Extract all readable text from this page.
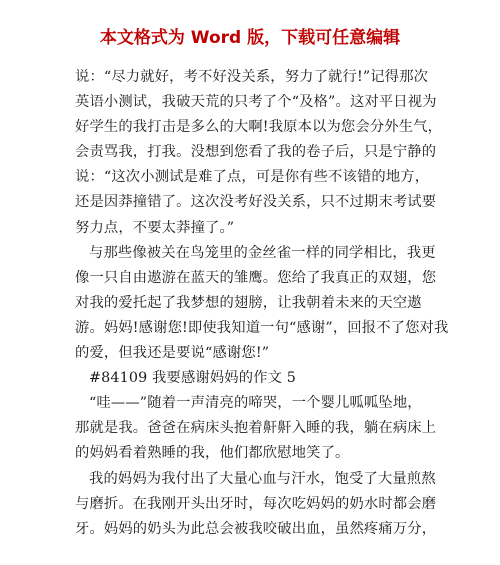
本文格式为 Word 版，下载可任意编辑
说：“尽力就好，考不好没关系，努力了就行!”记得那次
英语小测试，我破天荒的只考了个“及格”。这对平日视为
好学生的我打击是多么的大啊!我原本以为您会分外生气，
会责骂我，打我。没想到您看了我的卷子后，只是宁静的
说：“这次小测试是难了点，可是你有些不该错的地方，
还是因莽撞错了。这次没考好没关系，只不过期末考试要
努力点，不要太莽撞了。”
与那些像被关在鸟笼里的金丝雀一样的同学相比，我更
像一只自由遨游在蓝天的雏鹰。您给了我真正的双翅，您
对我的爱托起了我梦想的翅膀，让我朝着未来的天空遨
游。妈妈!感谢您!即使我知道一句“感谢”，回报不了您对我
的爱，但我还是要说“感谢您!”
#84109 我要感谢妈妈的作文 5
“哇——”随着一声清亮的啼哭，一个婴儿呱呱坠地，
那就是我。爸爸在病床头抱着鼾鼾入睡的我，躺在病床上
的妈妈看着熟睡的我，他们都欣慰地笑了。
我的妈妈为我付出了大量心血与汗水，饱受了大量煎熬
与磨折。在我刚开头出牙时，每次吃妈妈的奶水时都会磨
牙。妈妈的奶头为此总会被我咬破出血，虽然疼痛万分，
